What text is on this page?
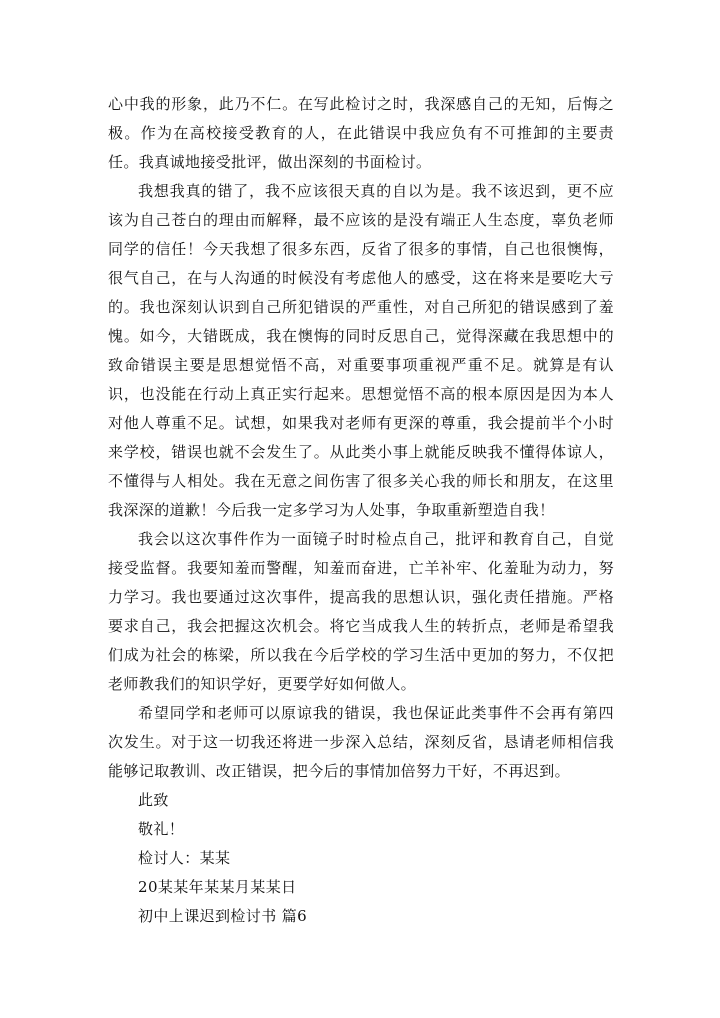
心中我的形象，此乃不仁。在写此检讨之时，我深感自己的无知，后悔之极。作为在高校接受教育的人，在此错误中我应负有不可推卸的主要责任。我真诚地接受批评，做出深刻的书面检讨。

我想我真的错了，我不应该很天真的自以为是。我不该迟到，更不应该为自己苍白的理由而解释，最不应该的是没有端正人生态度，辜负老师同学的信任！今天我想了很多东西，反省了很多的事情，自己也很懊悔，很气自己，在与人沟通的时候没有考虑他人的感受，这在将来是要吃大亏的。我也深刻认识到自己所犯错误的严重性，对自己所犯的错误感到了羞愧。如今，大错既成，我在懊悔的同时反思自己，觉得深藏在我思想中的致命错误主要是思想觉悟不高，对重要事项重视严重不足。就算是有认识，也没能在行动上真正实行起来。思想觉悟不高的根本原因是因为本人对他人尊重不足。试想，如果我对老师有更深的尊重，我会提前半个小时来学校，错误也就不会发生了。从此类小事上就能反映我不懂得体谅人，不懂得与人相处。我在无意之间伤害了很多关心我的师长和朋友，在这里我深深的道歉！今后我一定多学习为人处事，争取重新塑造自我！

我会以这次事件作为一面镜子时时检点自己，批评和教育自己，自觉接受监督。我要知羞而警醒，知羞而奋进，亡羊补牢、化羞耻为动力，努力学习。我也要通过这次事件，提高我的思想认识，强化责任措施。严格要求自己，我会把握这次机会。将它当成我人生的转折点，老师是希望我们成为社会的栋梁，所以我在今后学校的学习生活中更加的努力，不仅把老师教我们的知识学好，更要学好如何做人。

希望同学和老师可以原谅我的错误，我也保证此类事件不会再有第四次发生。对于这一切我还将进一步深入总结，深刻反省，恳请老师相信我能够记取教训、改正错误，把今后的事情加倍努力干好，不再迟到。

此致

敬礼！

检讨人：某某

20某某年某某月某某日

初中上课迟到检讨书 篇6
